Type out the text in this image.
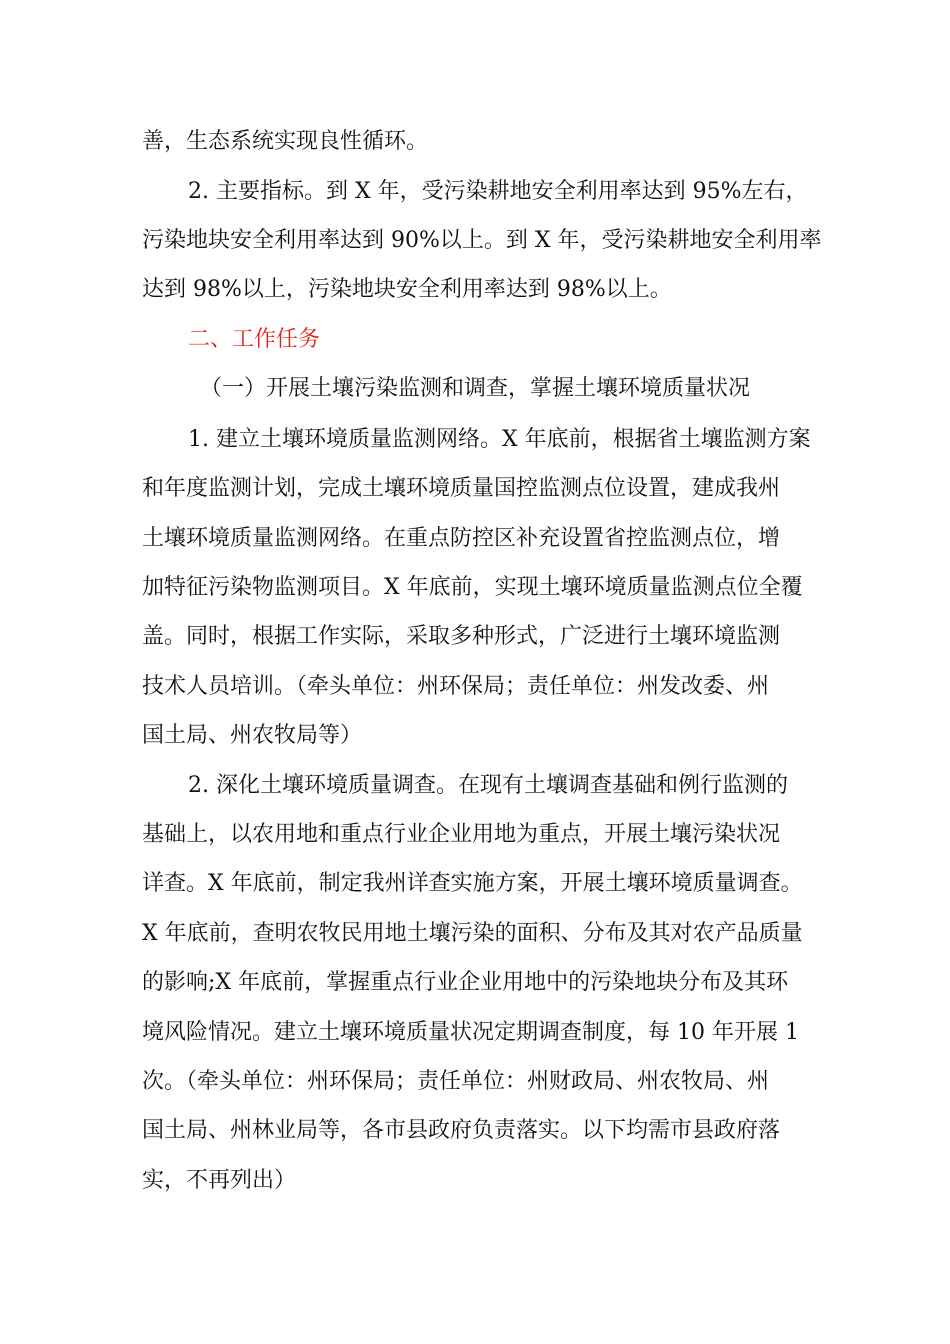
善，生态系统实现良性循环。
2. 主要指标。到 X 年，受污染耕地安全利用率达到 95%左右，
污染地块安全利用率达到 90%以上。到 X 年，受污染耕地安全利用率
达到 98%以上，污染地块安全利用率达到 98%以上。
二、工作任务
（一）开展土壤污染监测和调查，掌握土壤环境质量状况
1. 建立土壤环境质量监测网络。X 年底前，根据省土壤监测方案
和年度监测计划，完成土壤环境质量国控监测点位设置，建成我州
土壤环境质量监测网络。在重点防控区补充设置省控监测点位，增
加特征污染物监测项目。X 年底前，实现土壤环境质量监测点位全覆
盖。同时，根据工作实际，采取多种形式，广泛进行土壤环境监测
技术人员培训。（牵头单位：州环保局；责任单位：州发改委、州
国土局、州农牧局等）
2. 深化土壤环境质量调查。在现有土壤调查基础和例行监测的
基础上，以农用地和重点行业企业用地为重点，开展土壤污染状况
详查。X 年底前，制定我州详查实施方案，开展土壤环境质量调查。
X 年底前，查明农牧民用地土壤污染的面积、分布及其对农产品质量
的影响;X 年底前，掌握重点行业企业用地中的污染地块分布及其环
境风险情况。建立土壤环境质量状况定期调查制度，每 10 年开展 1
次。（牵头单位：州环保局；责任单位：州财政局、州农牧局、州
国土局、州林业局等，各市县政府负责落实。以下均需市县政府落
实，不再列出）
